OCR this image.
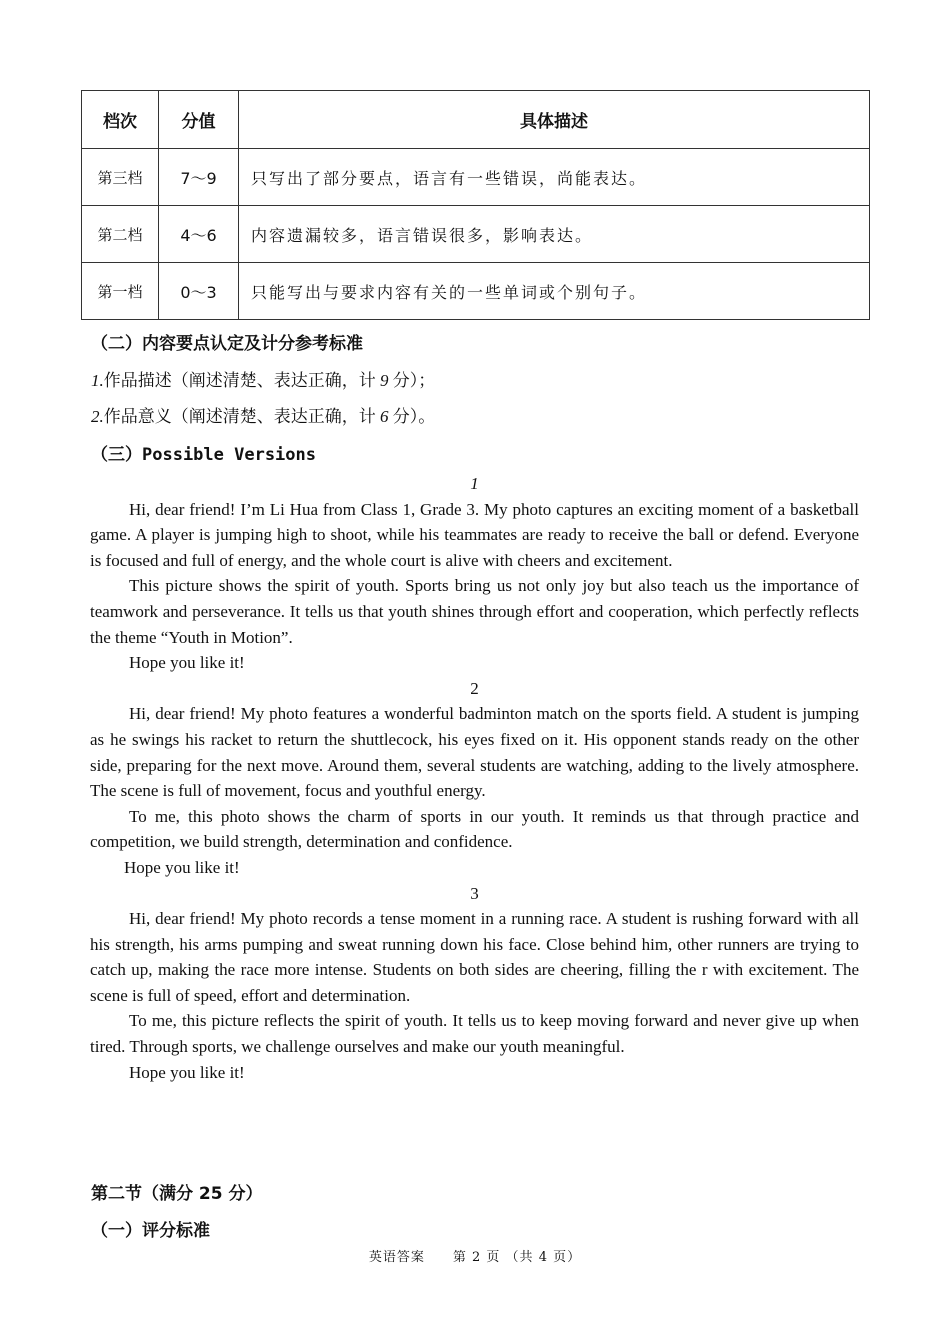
档次	分值	具体描述
第三档	7～9	只写出了部分要点，语言有一些错误，尚能表达。
第二档	4～6	内容遗漏较多，语言错误很多，影响表达。
第一档	0～3	只能写出与要求内容有关的一些单词或个别句子。
（二）内容要点认定及计分参考标准
1.作品描述（阐述清楚、表达正确，计 9 分）；
2.作品意义（阐述清楚、表达正确，计 6 分）。
（三）Possible Versions

1

Hi, dear friend! I’m Li Hua from Class 1, Grade 3. My photo captures an exciting moment of a basketball game. A player is jumping high to shoot, while his teammates are ready to receive the ball or defend. Everyone is focused and full of energy, and the whole court is alive with cheers and excitement.

This picture shows the spirit of youth. Sports bring us not only joy but also teach us the importance of teamwork and perseverance. It tells us that youth shines through effort and cooperation, which perfectly reflects the theme “Youth in Motion”.

Hope you like it!

2

Hi, dear friend! My photo features a wonderful badminton match on the sports field. A student is jumping as he swings his racket to return the shuttlecock, his eyes fixed on it. His opponent stands ready on the other side, preparing for the next move. Around them, several students are watching, adding to the lively atmosphere. The scene is full of movement, focus and youthful energy.

To me, this photo shows the charm of sports in our youth. It reminds us that through practice and competition, we build strength, determination and confidence.

Hope you like it!

3

Hi, dear friend! My photo records a tense moment in a running race. A student is rushing forward with all his strength, his arms pumping and sweat running down his face. Close behind him, other runners are trying to catch up, making the race more intense. Students on both sides are cheering, filling the r with excitement. The scene is full of speed, effort and determination.

To me, this picture reflects the spirit of youth. It tells us to keep moving forward and never give up when tired. Through sports, we challenge ourselves and make our youth meaningful.

Hope you like it!

第二节（满分 25 分）
（一）评分标准
英语答案 第 2 页 （共 4 页）
